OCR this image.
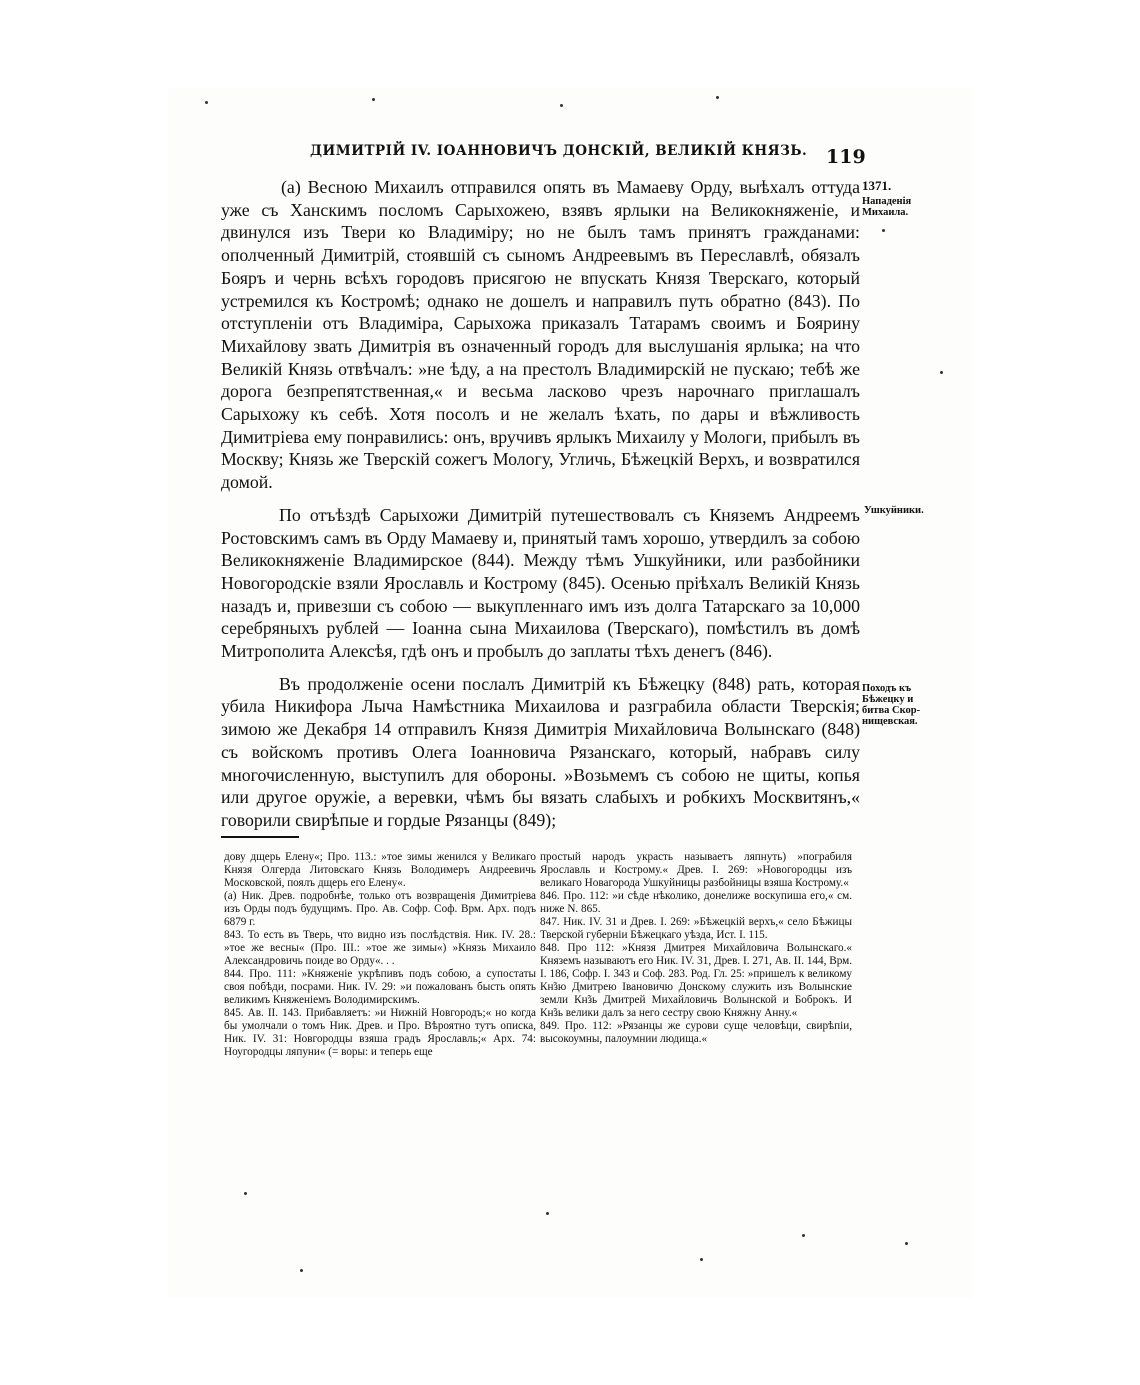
ДИМИТРІЙ IV. ІОАННОВИЧЪ ДОНСКІЙ, ВЕЛИКІЙ КНЯЗЬ. 119

(а) Весною Михаилъ отправился опять въ Мамаеву Орду, выѣхалъ оттуда уже съ Ханскимъ посломъ Сарыхожею, взявъ ярлыки на Великокняженіе, и двинулся изъ Твери ко Владиміру; но не былъ тамъ принятъ гражданами: ополченный Димитрій, стоявшій съ сыномъ Андреевымъ въ Переславлѣ, обязалъ Бояръ и чернь всѣхъ городовъ присягою не впускать Князя Тверскаго, который устремился къ Костромѣ; однако не дошелъ и направилъ путь обратно (843). По отступленіи отъ Владиміра, Сарыхожа приказалъ Татарамъ своимъ и Боярину Михайлову звать Димитрія въ означенный городъ для выслушанія ярлыка; на что Великій Князь отвѣчалъ: »не ѣду, а на престолъ Владимирскій не пускаю; тебѣ же дорога безпрепятственная,« и весьма ласково чрезъ нарочнаго приглашалъ Сарыхожу къ себѣ. Хотя посолъ и не желалъ ѣхать, по дары и вѣжливость Димитріева ему понравились: онъ, вручивъ ярлыкъ Михаилу у Мологи, прибылъ въ Москву; Князь же Тверскій сожегъ Мологу, Угличь, Бѣжецкій Верхъ, и возвратился домой.

По отъѣздѣ Сарыхожи Димитрій путешествовалъ съ Княземъ Андреемъ Ростовскимъ самъ въ Орду Мамаеву и, принятый тамъ хорошо, утвердилъ за собою Великокняженіе Владимирское (844). Между тѣмъ Ушкуйники, или разбойники Новогородскіе взяли Ярославль и Кострому (845). Осенью пріѣхалъ Великій Князь назадъ и, привезши съ собою — выкупленнаго имъ изъ долга Татарскаго за 10,000 серебряныхъ рублей — Іоанна сына Михаилова (Тверскаго), помѣстилъ въ домѣ Митрополита Алексѣя, гдѣ онъ и пробылъ до заплаты тѣхъ денегъ (846).

Въ продолженіе осени послалъ Димитрій къ Бѣжецку (848) рать, которая убила Никифора Лыча Намѣстника Михаилова и разграбила области Тверскія; зимою же Декабря 14 отправилъ Князя Димитрія Михайловича Волынскаго (848) съ войскомъ противъ Олега Іоанновича Рязанскаго, который, набравъ силу многочисленную, выступилъ для обороны. »Возьмемъ съ собою не щиты, копья или другое оружіе, а веревки, чѣмъ бы вязать слабыхъ и робкихъ Москвитянъ,« говорили свирѣпые и гордые Рязанцы (849);

1371.
Нападенія
Михаила.
Ушкуйники.
Походъ къ
Бѣжецку и
битва Скор-
нищевская.

дову дщерь Елену«; Про. 113.: »тое зимы женился у Великаго Князя Олгерда Литовскаго Князь Володимеръ Андреевичь Московской, поялъ дщерь его Елену«.

(а) Ник. Древ. подробнѣе, только отъ возвращенія Димитріева изъ Орды подъ будущимъ. Про. Ав. Софр. Соф. Врм. Арх. подъ 6879 г.

843. То есть въ Тверь, что видно изъ послѣдствія. Ник. IV. 28.: »тое же весны« (Про. III.: »тое же зимы«) »Князь Михаило Александровичь поиде во Орду«. . .

844. Про. 111: »Княженіе укрѣпивъ подъ собою, а супостаты своя побѣди, посрами. Ник. IV. 29: »и пожалованъ бысть опять великимъ Княженіемъ Володимирскимъ.

845. Ав. II. 143. Прибавляетъ: »и Нижній Новгородъ;« но когда бы умолчали о томъ Ник. Древ. и Про. Вѣроятно тутъ описка, Ник. IV. 31: Новгородцы взяша градъ Ярославль;« Арх. 74: Ноугородцы ляпуни« (= воры: и теперь еще

простый народъ украсть называетъ ляпнуть) »пограбиля Ярославль и Кострому.« Древ. I. 269: »Новогородцы изъ великаго Новагорода Ушкуйницы разбойницы взяша Кострому.«

846. Про. 112: »и сѣде нѣколико, донелиже воскупиша его,« см. ниже N. 865.

847. Ник. IV. 31 и Древ. I. 269: »Бѣжецкій верхъ,« село Бѣжицы Тверской губерніи Бѣжецкаго уѣзда, Ист. I. 115.

848. Про 112: »Князя Дмитрея Михайловича Волынскаго.« Княземъ называютъ его Ник. IV. 31, Древ. I. 271, Ав. II. 144, Врм. I. 186, Софр. I. 343 и Соф. 283. Род. Гл. 25: »пришелъ к великому Кн̃зю Дмитрею Івановичю Донскому служить изъ Волынские земли Кн̃зь Дмитрей Михайловичь Волынской и Боброкъ. И Кн̃зь велики далъ за него сестру свою Княжну Анну.«

849. Про. 112: »Рязанцы же сурови суще человѣци, свирѣпіи, высокоумны, палоумнии людища.«
